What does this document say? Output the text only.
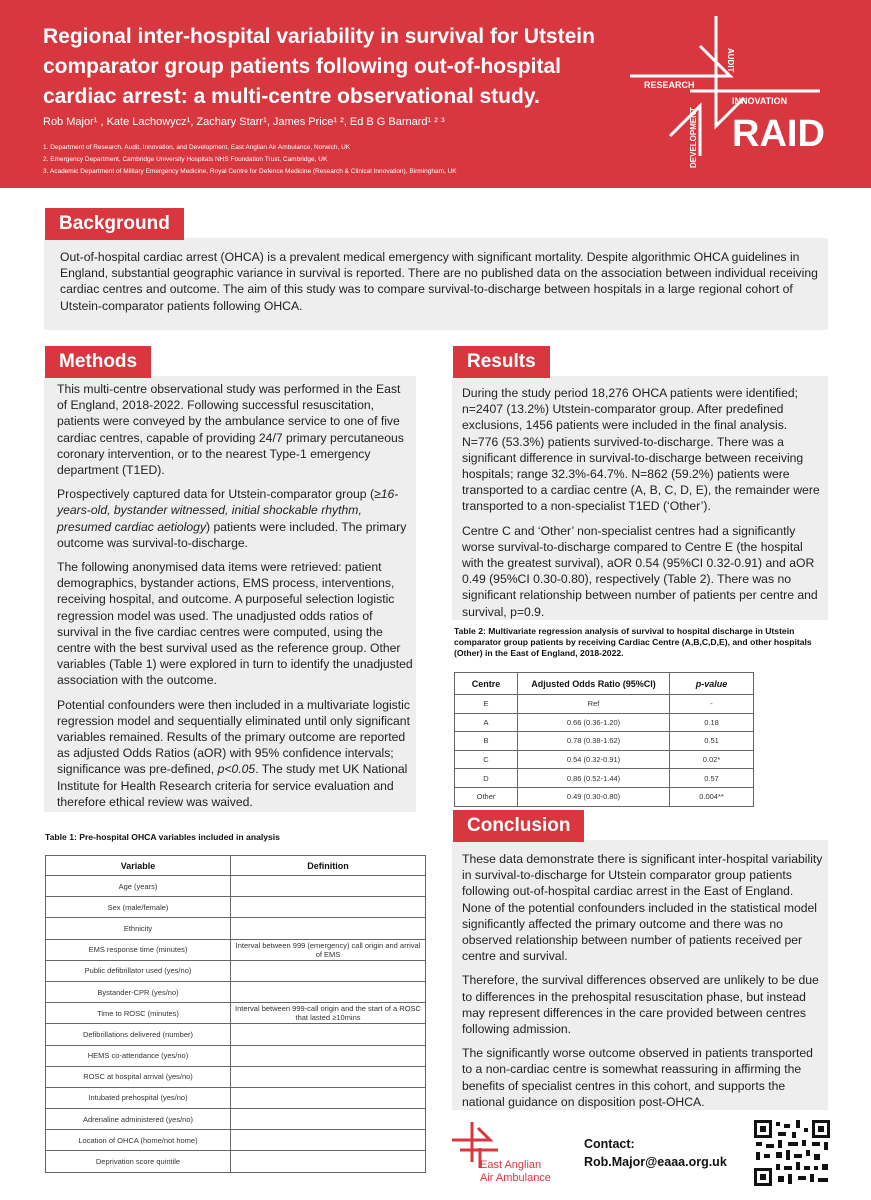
Regional inter-hospital variability in survival for Utstein comparator group patients following out-of-hospital cardiac arrest: a multi-centre observational study.
Rob Major¹ , Kate Lachowycz¹, Zachary Starr¹, James Price¹ ², Ed B G Barnard¹ ² ³
1. Department of Research, Audit, Innovation, and Development, East Anglian Air Ambulance, Norwich, UK
2. Emergency Department, Cambridge University Hospitals NHS Foundation Trust, Cambridge, UK
3. Academic Department of Military Emergency Medicine, Royal Centre for Defence Medicine (Research & Clinical Innovation), Birmingham, UK
AUDIT
RESEARCH
INNOVATION
DEVELOPMENT RAID
Background
Out-of-hospital cardiac arrest (OHCA) is a prevalent medical emergency with significant mortality. Despite algorithmic OHCA guidelines in England, substantial geographic variance in survival is reported. There are no published data on the association between individual receiving cardiac centres and outcome. The aim of this study was to compare survival-to-discharge between hospitals in a large regional cohort of Utstein-comparator patients following OHCA.
Methods

This multi-centre observational study was performed in the East of England, 2018-2022. Following successful resuscitation, patients were conveyed by the ambulance service to one of five cardiac centres, capable of providing 24/7 primary percutaneous coronary intervention, or to the nearest Type-1 emergency department (T1ED).

Prospectively captured data for Utstein-comparator group (≥16-years-old, bystander witnessed, initial shockable rhythm, presumed cardiac aetiology) patients were included. The primary outcome was survival-to-discharge.

The following anonymised data items were retrieved: patient demographics, bystander actions, EMS process, interventions, receiving hospital, and outcome. A purposeful selection logistic regression model was used. The unadjusted odds ratios of survival in the five cardiac centres were computed, using the centre with the best survival used as the reference group. Other variables (Table 1) were explored in turn to identify the unadjusted association with the outcome.

Potential confounders were then included in a multivariate logistic regression model and sequentially eliminated until only significant variables remained. Results of the primary outcome are reported as adjusted Odds Ratios (aOR) with 95% confidence intervals; significance was pre-defined, p<0.05. The study met UK National Institute for Health Research criteria for service evaluation and therefore ethical review was waived.

Table 1: Pre-hospital OHCA variables included in analysis
Variable	Definition
Age (years)	
Sex (male/female)	
Ethnicity	
EMS response time (minutes)	Interval between 999 (emergency) call origin and arrival of EMS
Public defibrillator used (yes/no)	
Bystander-CPR (yes/no)	
Time to ROSC (minutes)	Interval between 999-call origin and the start of a ROSC that lasted ≥10mins
Defibrillations delivered (number)	
HEMS co-attendance (yes/no)	
ROSC at hospital arrival (yes/no)	
Intubated prehospital (yes/no)	
Adrenaline administered (yes/no)	
Location of OHCA (home/not home)	
Deprivation score quintile	
Results

During the study period 18,276 OHCA patients were identified; n=2407 (13.2%) Utstein-comparator group. After predefined exclusions, 1456 patients were included in the final analysis. N=776 (53.3%) patients survived-to-discharge. There was a significant difference in survival-to-discharge between receiving hospitals; range 32.3%-64.7%. N=862 (59.2%) patients were transported to a cardiac centre (A, B, C, D, E), the remainder were transported to a non-specialist T1ED (‘Other’).

Centre C and ‘Other’ non-specialist centres had a significantly worse survival-to-discharge compared to Centre E (the hospital with the greatest survival), aOR 0.54 (95%CI 0.32-0.91) and aOR 0.49 (95%CI 0.30-0.80), respectively (Table 2). There was no significant relationship between number of patients per centre and survival, p=0.9.

Table 2: Multivariate regression analysis of survival to hospital discharge in Utstein comparator group patients by receiving Cardiac Centre (A,B,C,D,E), and other hospitals (Other) in the East of England, 2018-2022.
Centre	Adjusted Odds Ratio (95%CI)	p-value
E	Ref	-
A	0.66 (0.36-1.20)	0.18
B	0.78 (0.38-1.62)	0.51
C	0.54 (0.32-0.91)	0.02*
D	0.86 (0.52-1.44)	0.57
Other	0.49 (0.30-0.80)	0.004**
Conclusion

These data demonstrate there is significant inter-hospital variability in survival-to-discharge for Utstein comparator group patients following out-of-hospital cardiac arrest in the East of England. None of the potential confounders included in the statistical model significantly affected the primary outcome and there was no observed relationship between number of patients received per centre and survival.

Therefore, the survival differences observed are unlikely to be due to differences in the prehospital resuscitation phase, but instead may represent differences in the care provided between centres following admission.

The significantly worse outcome observed in patients transported to a non-cardiac centre is somewhat reassuring in affirming the benefits of specialist centres in this cohort, and supports the national guidance on disposition post-OHCA.

East Anglian
Air Ambulance
Contact:
Rob.Major@eaaa.org.uk
